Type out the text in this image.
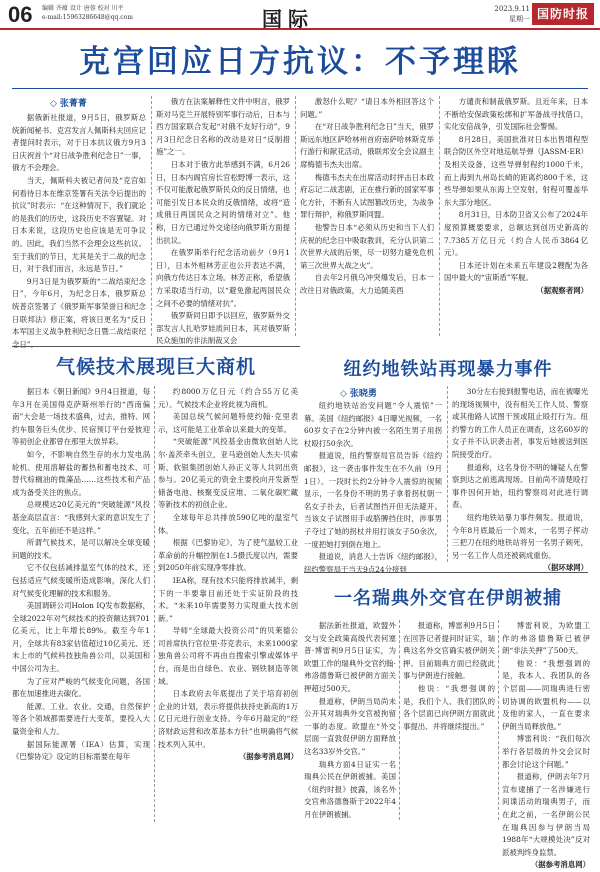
06 编辑 齐蕴 设计 唐蓉 校对 川平
e-mail:15963286648@qq.com	国际	2023.9.11
星期一 国防时报
克宫回应日方抗议：不予理睬
◇ 张菁菁

据俄新社报道，9月5日，俄罗斯总统新闻秘书、克宫发言人佩斯科夫回应记者提问时表示，对于日本抗议俄方9月3日庆祝首个“对日战争胜利纪念日”一事，俄方不会理会。

当天，佩斯科夫被记者问及“克宫如何看待日本在维京签署有关法令后提出的抗议”时表示：“在这种情况下，我们就论的是我们的历史，这段历史不容置疑。对日本来说，这段历史也应该是无可争议的。因此，我们当然不会理会这些抗议。至于我们的节日，尤其是关于二战的纪念日，对于我们而言，永远是节日。”

9月3日是为俄罗斯的“二战结束纪念日”，今年6月，为纪念日本，俄罗斯总统普京签署了《俄罗斯军事荣誉日和纪念日联邦法》修正案，将该日更名为“反日本军国主义战争胜利纪念日暨二战结束纪念日”。

俄方在法案解释性文件中明言，俄罗斯对马克兰开展特别军事行动后，日本与西方国家联合发起“对俄不友好行动”，9月3日纪念日名称的改动是对日“反制措施”之一。

日本对于俄方此举感到不满，6月26日，日本内阁官房长官松野博一表示，这不仅可能激起俄罗斯民众的反日情绪，也可能引发日本民众的反俄情绪，或将“造成俄日两国民众之间的情绪对立”。他称，日方已通过外交途径向俄罗斯方面提出抗议。

在俄罗斯举行纪念活动前夕（9月1日），日本外相林芳正也公开表达不满，向俄方传达日本立场。林芳正称，希望俄方采取适当行动，以“避免激起两国民众之间不必要的情绪对抗”。

俄罗斯同日即予以回应，俄罗斯外交部发言人扎哈罗娃质问日本，其对俄罗斯民众施加的非法制裁又会

激怒什么呢？“请日本外相回答这个问题。”

在“对日战争胜利纪念日”当天，俄罗斯远东地区萨哈林州首府南萨哈林斯克举行游行和献花活动，俄联邦安全会议副主席梅德韦杰夫出席。

梅德韦杰夫在出席活动时抨击日本政府忘记二战悲剧，正在推行新的国家军事化方针，不断有人试图篡改历史，为战争罪行辩护，称俄罗斯同盟。

他警告日本“必须从历史和当下人们庆祝的纪念日中吸取教训，充分认识第二次世界大战的后果，尽一切努力避免危机第三次世界大战之火”。

自去年2月俄乌冲突爆发后，日本一改往日对俄政策，大力追随美西

方谴责和制裁俄罗斯。且近年来，日本不断给安保政策松绑和扩军备战寻找借口，实化安倍战争，引发国际社会警惕。

8月28日，美国批准对日本出售增程型联合防区外空对地巡航导弹（JASSM-ER）及相关设备，这些导弹射程约1000千米，而上海到九州岛长崎的距离约800千米，这些导弹如果从东海上空发射，射程可覆盖华东大部分地区。

8月31日，日本防卫省又公布了2024年度预算概要要求，总额达到创历史新高的7.7385万亿日元（约合人民币3864亿元）。

日本还计划在未来五年建设2艘配为各国中最大的“宙斯盾”军舰。

（据观察者网）

气候技术展现巨大商机

据日本《朝日新闻》9月4日报道，每年3月在美国得克萨斯州举行的“西南偏南”大会是一场技术盛典，过去，推特、网约车服务巨头优步、民宿预订平台爱彼迎等初创企业都曾在那里大放异彩。

如今，不影响自然生存的水力发电涡轮机、使用溶解盐的蓄热和蓄电技术、可替代棕榈油的微藻品……这些技术和产品成为备受关注的焦点。

总规模达20亿美元的“突破能源”风投基金高层直言：“我感到大家的意识发生了变化，五年前还不是这样。”

所谓气候技术，是可以解决全球变暖问题的技术。

它不仅包括减排温室气体的技术，还包括适应气候变暖所造成影响，深化人们对气候变化理解的技术和服务。

美国调研公司Holon IQ发布数据称，全球2022年对气候技术的投资额达到701亿美元，比上年增长89%。截至今年1月，全球共有83家估值超过10亿美元、还未上市的气候科技独角兽公司，以美国和中国公司为主。

为了应对严峻的气候变化问题，各国都在加速推进去碳化。

能源、工业、农业、交通，自然保护等各个领域都需要进行大变革，要投入大量资金和人力。

据国际能源署（IEA）估算，实现《巴黎协定》设定的目标需要在每年

约8000万亿日元（约合55万亿美元）。气候技术企业将此视为商机。

美国总统气候问题特使约翰·克里表示，这可能是工业革命以来最大的变革。

“突破能源”风投基金由微软创始人比尔·盖茨牵头创立，亚马逊创始人杰夫·贝索斯、软银集团创始人孙正义等人共同出资参与。20亿美元的资金主要投向开发新型储备电池、核聚变反应堆、二氧化碳贮藏等新技术的初创企业。

全球每年总共排放590亿吨的温室气体。

根据《巴黎协定》，为了使气温较工业革命前的升幅控制在1.5摄氏度以内，需要到2050年前实现净零排放。

IEA称，现有技术只能将排放减半，剩下的一半要靠目前还处于实证阶段的技术。“未来10年需要努力实现重大技术创新。”

导师“全球最大投资公司”的贝莱德公司首席执行官拉里·芬克表示，未来1000家独角兽公司将不再由自搜索引擎或媒体平台，而是出自绿色、农业、钢铁制造等领域。

日本政府去年底提出了关于培育初创企业的计划，表示将提供扶持史新高的1万亿日元进行创业支持。今年6月敲定的“经济财政运营和改革基本方针”也明确将气候技术列入其中。

（据参考消息网）

纽约地铁站再现暴力事件
◇ 张晓勇

纽约地铁站治安问题“令人震惊”一幕。美国《纽约邮报》4日曝光视频，一名60岁女子在2分钟内被一名陌生男子用拐杖殴打50余次。

报道说，纽约警察局官员告诉《纽约邮报》，这一袭击事件发生在不久前（9月1日）。一段时长约2分钟令人震惊的视频显示，一名身份不明的男子拿着拐杖朝一名女子扑去，后者试图挡开但无法避开。当该女子试图用手或胳膊挡住时，涉事男子夺过了她的拐杖并用打该女子50余次，一度把她打到倒在地上。

报道说，消息人士告诉《纽约邮报》，纽约警察局于当天9点24分接到

30分左右接到报警电话，而在被曝光的现场视频中，没有相关工作人员、警察或其他路人试图干预或阻止殴打行为。纽约警方的工作人员正在调查，这名60岁的女子并不认识袭击者，事发后她被送到医院接受治疗。

报道称，这名身份不明的嫌疑人在警察到达之前逃离现场。目前尚不清楚殴打事件因何开始，纽约警察局对此进行调查。

纽约地铁站暴力事件频发。报道说，今年8月底最后一个周末，一名男子挥动三把刀在纽约地铁站将另一名男子刺死，另一名工作人员还被刺成重伤。

（据环球网）

一名瑞典外交官在伊朗被捕

据法新社报道，欧盟外交与安全政策高级代表何塞普·博雷利9月5日证实，为欧盟工作的瑞典外交官约翰·弗洛德鲁斯已被伊朗方面关押超过500天。

报道称，伊朗当局尚未公开其对瑞典外交官被拘留一事的态度。欧盟在“外交层面一直敦促伊朗方面释放这名33岁外交官。”

瑞典方面4日证实一名瑞典公民在伊朗被捕。美国《纽约时报》披露，该名外交官弗洛德鲁斯于2022年4月在伊朗被捕。

报道称，博雷利9月5日在回答记者提问时证实，瑞典这名外交官确实被伊朗关押。目前瑞典方面已经就此事与伊朗进行接触。

他说：“我想强调的是，我们个人、我们团队的各个层面已向伊朗方面就此事提出、并将继续提出。”

博雷利说，为欧盟工作的弗洛德鲁斯已被伊朗“非法关押”了500天。

他说：“我想强调的是，我本人、我团队的各个层面——同瑞典进行密切协调的欧盟机构——以及他的家人，一直在要求伊朗当局释放他。”

博雷利说：“我们每次举行各层级的外交会议时都会讨论这个问题。”

报道称，伊朗去年7月宣布逮捕了一名涉嫌进行间谍活动的瑞典男子，而在此之前，一名伊朗公民在瑞典因参与伊朗当局1988年“大规模处决”反对派被判终身监禁。

（据参考消息网）
